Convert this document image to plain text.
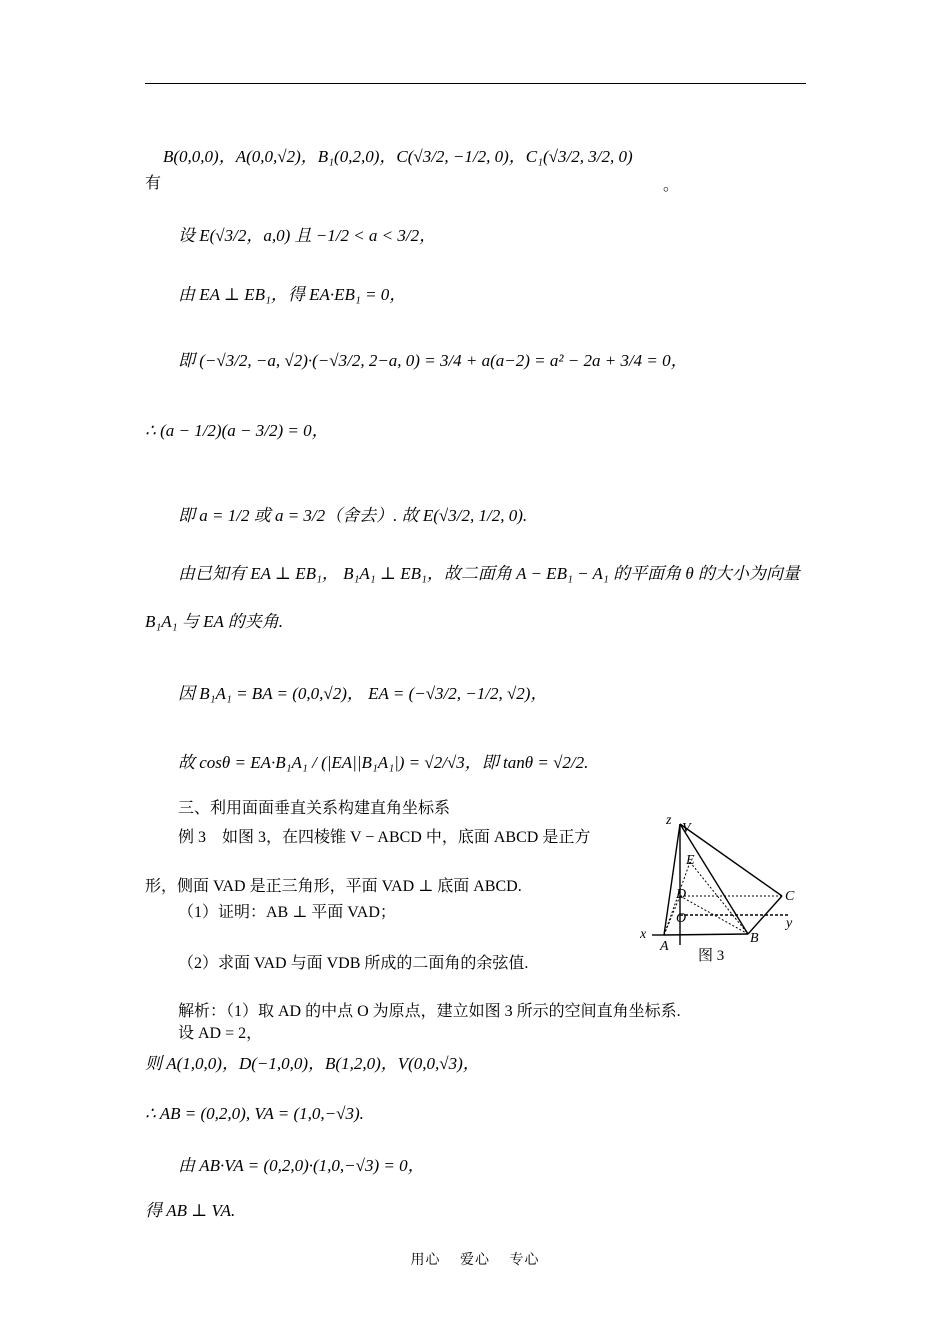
B(0,0,0)，A(0,0,√2)，B₁(0,2,0)，C(√3/2, −1/2, 0)，C₁(√3/2, 3/2, 0)
有	。
设 E(√3/2，a,0) 且 −1/2 < a < 3/2，
由 EA ⊥ EB₁，得 EA·EB₁ = 0，
即 (−√3/2, −a, √2)·(−√3/2, 2−a, 0) = 3/4 + a(a−2) = a² − 2a + 3/4 = 0，
∴ (a − 1/2)(a − 3/2) = 0，
即 a = 1/2 或 a = 3/2（舍去）. 故 E(√3/2, 1/2, 0).
由已知有 EA ⊥ EB₁， B₁A₁ ⊥ EB₁，故二面角 A − EB₁ − A₁ 的平面角 θ 的大小为向量
B₁A₁ 与 EA 的夹角.
因 B₁A₁ = BA = (0,0,√2)， EA = (−√3/2, −1/2, √2)，
故 cosθ = EA·B₁A₁ / (|EA||B₁A₁|) = √2/√3，即 tanθ = √2/2.
三、利用面面垂直关系构建直角坐标系
例 3　如图 3，在四棱锥 V − ABCD 中，底面 ABCD 是正方
形，侧面 VAD 是正三角形，平面 VAD ⊥ 底面 ABCD.
（1）证明：AB ⊥ 平面 VAD；
（2）求面 VAD 与面 VDB 所成的二面角的余弦值.
解析：（1）取 AD 的中点 O 为原点，建立如图 3 所示的空间直角坐标系.
设 AD = 2，
则 A(1,0,0)，D(−1,0,0)，B(1,2,0)，V(0,0,√3)，
∴ AB = (0,2,0), VA = (1,0,−√3).
由 AB·VA = (0,2,0)·(1,0,−√3) = 0，
得 AB ⊥ VA.
z
V
E
D
O
C
x
A
B
y
图 3
用心　 爱心　 专心
